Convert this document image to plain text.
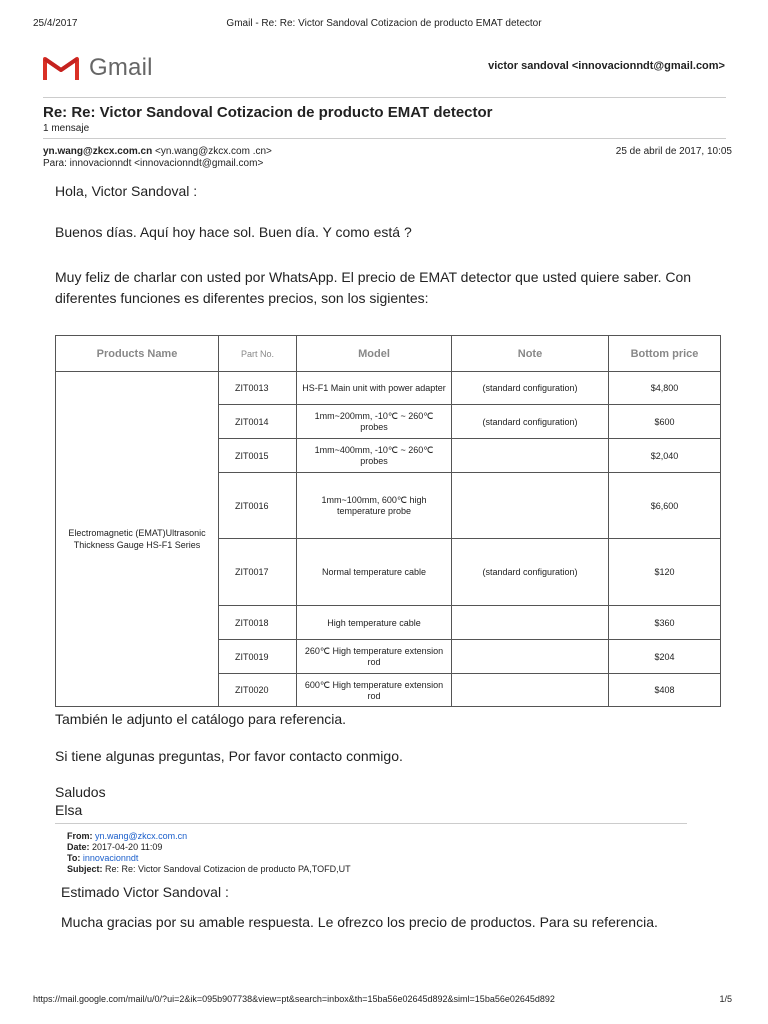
Gmail - Re: Re: Victor Sandoval Cotizacion de producto EMAT detector
25/4/2017
Gmail	victor sandoval <innovacionndt@gmail.com>
Re: Re: Victor Sandoval Cotizacion de producto EMAT detector
1 mensaje
yn.wang@zkcx.com.cn <yn.wang@zkcx.com .cn>	25 de abril de 2017, 10:05
Para: innovacionndt <innovacionndt@gmail.com>
Hola, Victor Sandoval :
Buenos días. Aquí hoy hace sol. Buen día. Y como está ?
Muy feliz de charlar con usted por WhatsApp. El precio de EMAT detector que usted quiere saber. Con diferentes funciones es diferentes precios, son los sigientes:
Products Name	Part No.	Model	Note	Bottom price
Electromagnetic (EMAT)Ultrasonic Thickness Gauge HS-F1 Series	ZIT0013	HS-F1 Main unit with power adapter	(standard configuration)	$4,800
	ZIT0014	1mm~200mm, -10℃ ~ 260℃ probes	(standard configuration)	$600
	ZIT0015	1mm~400mm, -10℃ ~ 260℃ probes		$2,040
	ZIT0016	1mm~100mm, 600℃ high temperature probe		$6,600
	ZIT0017	Normal temperature cable	(standard configuration)	$120
	ZIT0018	High temperature cable		$360
	ZIT0019	260℃ High temperature extension rod		$204
	ZIT0020	600℃ High temperature extension rod		$408
También le adjunto el catálogo para referencia.
Si tiene algunas preguntas, Por favor contacto conmigo.
Saludos
Elsa
From: yn.wang@zkcx.com.cn
Date: 2017-04-20 11:09
To: innovacionndt
Subject: Re: Re: Victor Sandoval Cotizacion de producto PA,TOFD,UT
Estimado Victor Sandoval :
Mucha gracias por su amable respuesta. Le ofrezco los precio de productos. Para su referencia.
https://mail.google.com/mail/u/0/?ui=2&ik=095b907738&view=pt&search=inbox&th=15ba56e02645d892&siml=15ba56e02645d892	1/5
